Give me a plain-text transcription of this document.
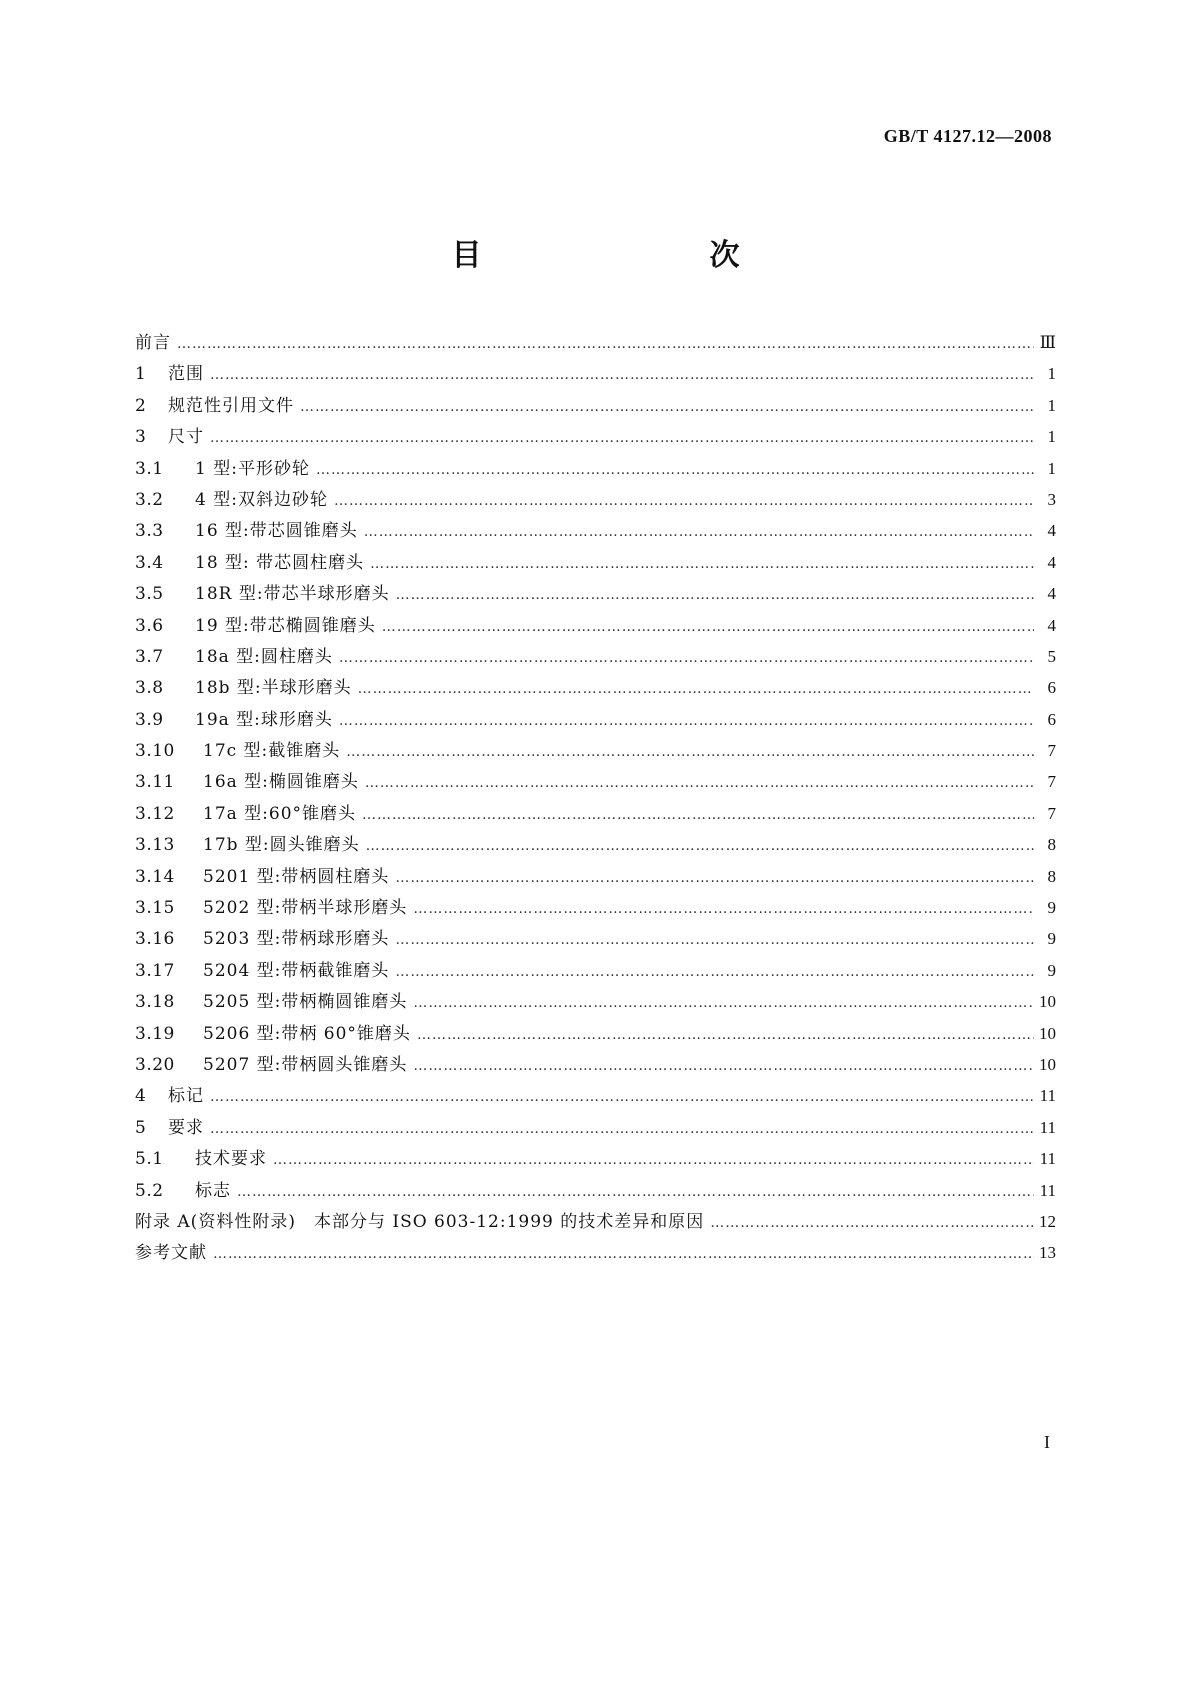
GB/T 4127.12—2008
目　　次
前言 …………………………………………………………………………………………………………………………………………………………………………………………………………	Ⅲ
1	范围 …………………………………………………………………………………………………………………………………………………………………………………………………………	1
2	规范性引用文件 …………………………………………………………………………………………………………………………………………………………………………………………………………	1
3	尺寸 …………………………………………………………………………………………………………………………………………………………………………………………………………	1
3.1	1 型:平形砂轮 …………………………………………………………………………………………………………………………………………………………………………………………………………	1
3.2	4 型:双斜边砂轮 …………………………………………………………………………………………………………………………………………………………………………………………………………	3
3.3	16 型:带芯圆锥磨头 …………………………………………………………………………………………………………………………………………………………………………………………………………	4
3.4	18 型: 带芯圆柱磨头 …………………………………………………………………………………………………………………………………………………………………………………………………………	4
3.5	18R 型:带芯半球形磨头 …………………………………………………………………………………………………………………………………………………………………………………………………………	4
3.6	19 型:带芯椭圆锥磨头 …………………………………………………………………………………………………………………………………………………………………………………………………………	4
3.7	18a 型:圆柱磨头 …………………………………………………………………………………………………………………………………………………………………………………………………………	5
3.8	18b 型:半球形磨头 …………………………………………………………………………………………………………………………………………………………………………………………………………	6
3.9	19a 型:球形磨头 …………………………………………………………………………………………………………………………………………………………………………………………………………	6
3.10	17c 型:截锥磨头 …………………………………………………………………………………………………………………………………………………………………………………………………………	7
3.11	16a 型:椭圆锥磨头 …………………………………………………………………………………………………………………………………………………………………………………………………………	7
3.12	17a 型:60°锥磨头 …………………………………………………………………………………………………………………………………………………………………………………………………………	7
3.13	17b 型:圆头锥磨头 …………………………………………………………………………………………………………………………………………………………………………………………………………	8
3.14	5201 型:带柄圆柱磨头 …………………………………………………………………………………………………………………………………………………………………………………………………………	8
3.15	5202 型:带柄半球形磨头 …………………………………………………………………………………………………………………………………………………………………………………………………………	9
3.16	5203 型:带柄球形磨头 …………………………………………………………………………………………………………………………………………………………………………………………………………	9
3.17	5204 型:带柄截锥磨头 …………………………………………………………………………………………………………………………………………………………………………………………………………	9
3.18	5205 型:带柄椭圆锥磨头 …………………………………………………………………………………………………………………………………………………………………………………………………………	10
3.19	5206 型:带柄 60°锥磨头 …………………………………………………………………………………………………………………………………………………………………………………………………………	10
3.20	5207 型:带柄圆头锥磨头 …………………………………………………………………………………………………………………………………………………………………………………………………………	10
4	标记 …………………………………………………………………………………………………………………………………………………………………………………………………………	11
5	要求 …………………………………………………………………………………………………………………………………………………………………………………………………………	11
5.1	技术要求 …………………………………………………………………………………………………………………………………………………………………………………………………………	11
5.2	标志 …………………………………………………………………………………………………………………………………………………………………………………………………………	11
附录 A(资料性附录)　本部分与 ISO 603-12:1999 的技术差异和原因 …………………………………………………………………………………………………………………………………………………………………………………………………………	12
参考文献 …………………………………………………………………………………………………………………………………………………………………………………………………………	13
I
